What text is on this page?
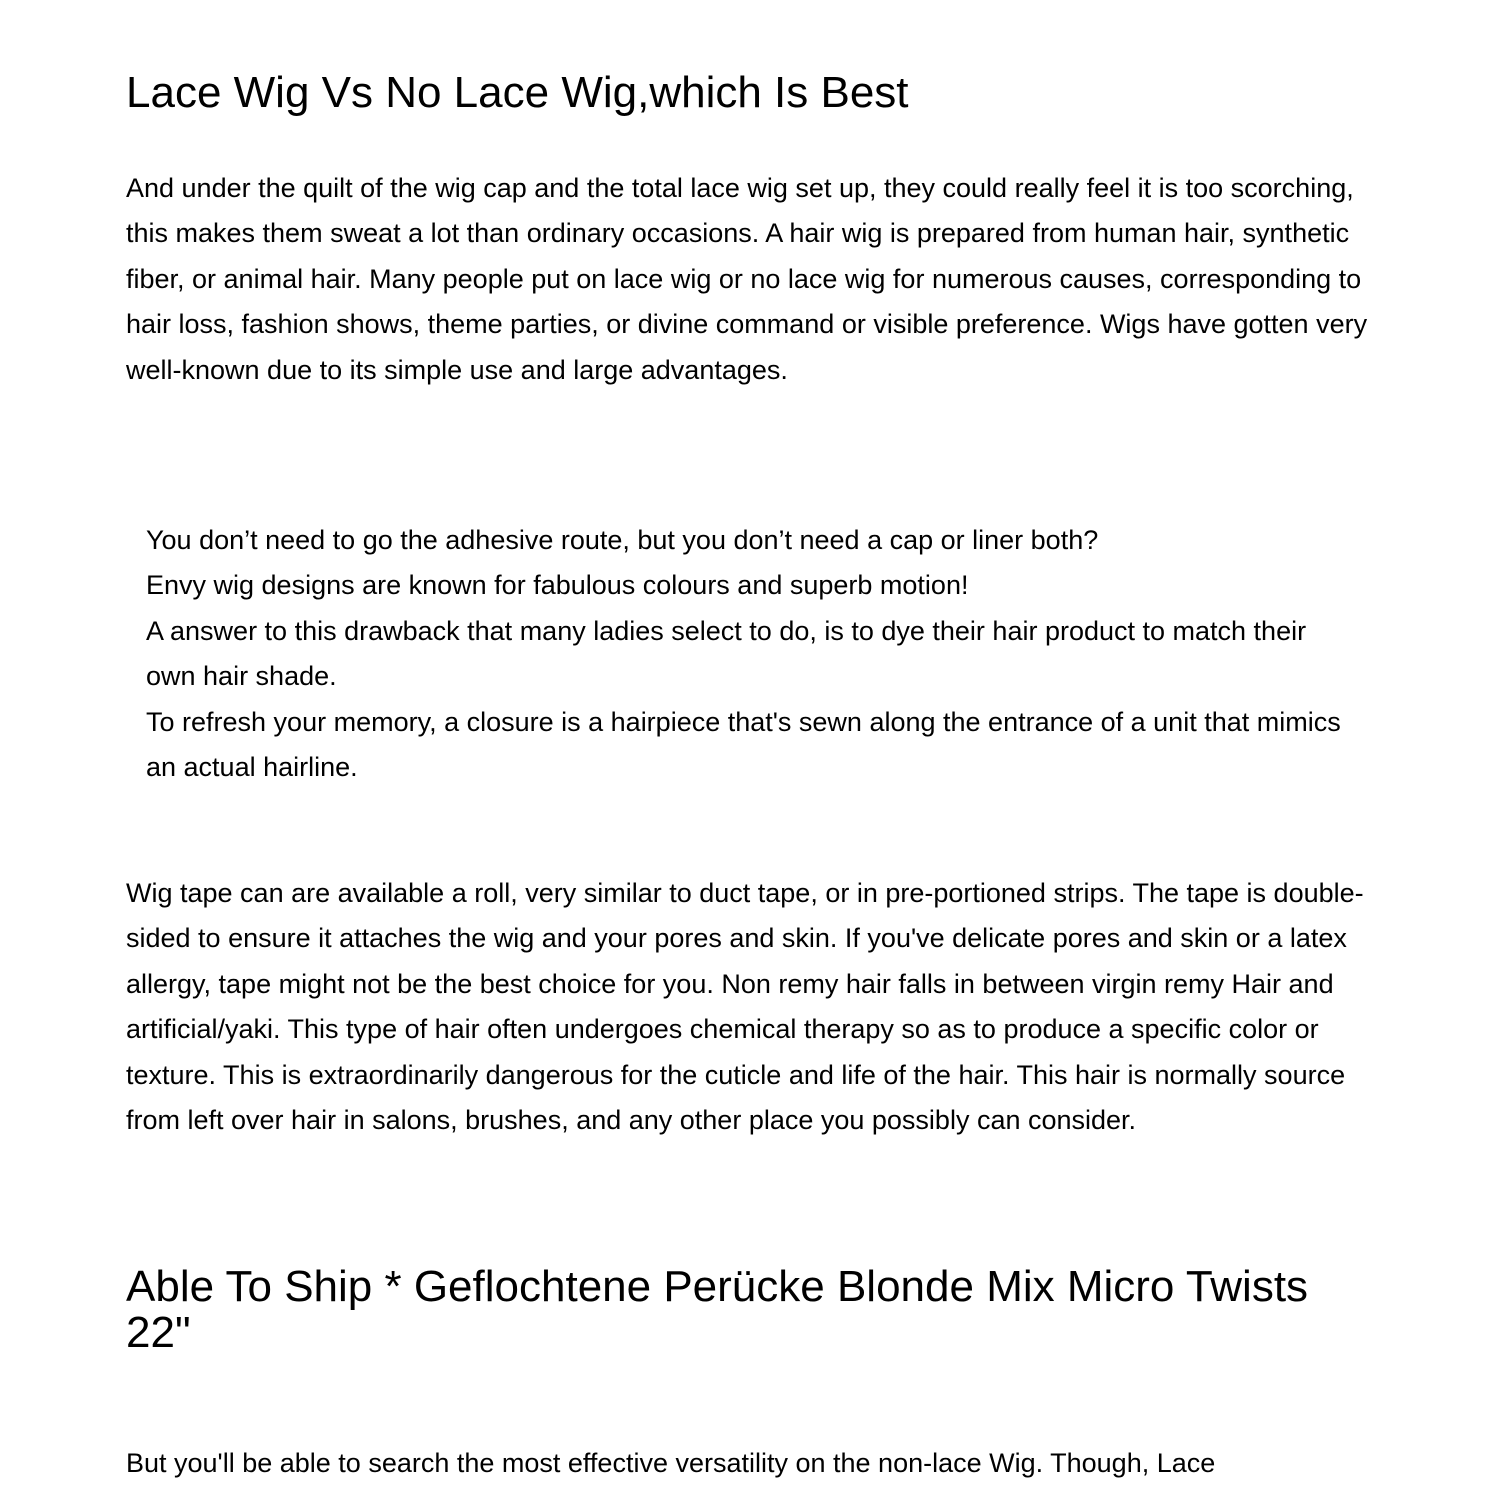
Lace Wig Vs No Lace Wig,which Is Best

And under the quilt of the wig cap and the total lace wig set up, they could really feel it is too scorching, this makes them sweat a lot than ordinary occasions. A hair wig is prepared from human hair, synthetic fiber, or animal hair. Many people put on lace wig or no lace wig for numerous causes, corresponding to hair loss, fashion shows, theme parties, or divine command or visible preference. Wigs have gotten very well-known due to its simple use and large advantages.

You don’t need to go the adhesive route, but you don’t need a cap or liner both?
Envy wig designs are known for fabulous colours and superb motion!
A answer to this drawback that many ladies select to do, is to dye their hair product to match their own hair shade.
To refresh your memory, a closure is a hairpiece that's sewn along the entrance of a unit that mimics an actual hairline.

Wig tape can are available a roll, very similar to duct tape, or in pre-portioned strips. The tape is double-sided to ensure it attaches the wig and your pores and skin. If you've delicate pores and skin or a latex allergy, tape might not be the best choice for you. Non remy hair falls in between virgin remy Hair and artificial/yaki. This type of hair often undergoes chemical therapy so as to produce a specific color or texture. This is extraordinarily dangerous for the cuticle and life of the hair. This hair is normally source from left over hair in salons, brushes, and any other place you possibly can consider.

Able To Ship * Geflochtene Perücke Blonde Mix Micro Twists 22"

But you'll be able to search the most effective versatility on the non-lace Wig. Though, Lace
